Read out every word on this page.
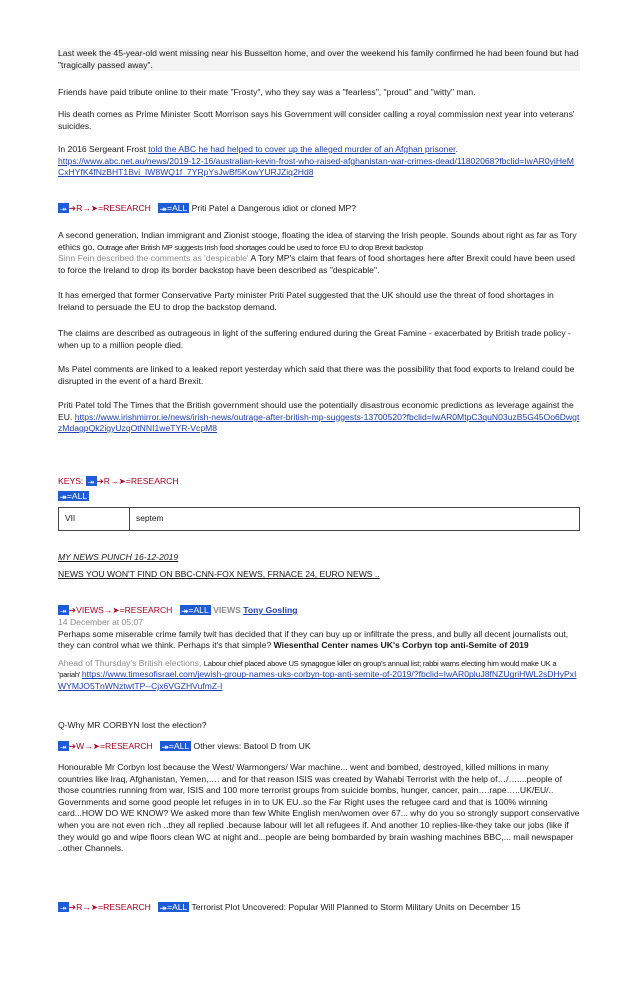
Last week the 45-year-old went missing near his Busselton home, and over the weekend his family confirmed he had been found but had "tragically passed away".

Friends have paid tribute online to their mate "Frosty", who they say was a "fearless", "proud" and "witty" man.

His death comes as Prime Minister Scott Morrison says his Government will consider calling a royal commission next year into veterans' suicides.

In 2016 Sergeant Frost told the ABC he had helped to cover up the alleged murder of an Afghan prisoner.
https://www.abc.net.au/news/2019-12-16/australian-kevin-frost-who-raised-afghanistan-war-crimes-dead/11802068?fbclid=IwAR0yiHeMCxHYfK4fNzBHT1Bvi_IW8WQ1f_7YRpYsJwBf5KowYURJZiq2Hd8

⯮ ➔R→➤=RESEARCH ⯮=ALL Priti Patel a Dangerous idiot or cloned MP?

A second generation, Indian immigrant and Zionist stooge, floating the idea of starving the Irish people. Sounds about right as far as Tory ethics go. Outrage after British MP suggests Irish food shortages could be used to force EU to drop Brexit backstop
Sinn Fein described the comments as 'despicable' A Tory MP's claim that fears of food shortages here after Brexit could have been used to force the Ireland to drop its border backstop have been described as "despicable".

It has emerged that former Conservative Party minister Priti Patel suggested that the UK should use the threat of food shortages in Ireland to persuade the EU to drop the backstop demand.

The claims are described as outrageous in light of the suffering endured during the Great Famine - exacerbated by British trade policy - when up to a million people died.

Ms Patel comments are linked to a leaked report yesterday which said that there was the possibility that food exports to Ireland could be disrupted in the event of a hard Brexit.

Priti Patel told The Times that the British government should use the potentially disastrous economic predictions as leverage against the EU. https://www.irishmirror.ie/news/irish-news/outrage-after-british-mp-suggests-13700520?fbclid=IwAR0MtpC3quN03uzB5G45Oo6DwgtzMdagpQk2igyUzqOtNNI1weTYR-VcpM8

KEYS: ⯮ ➔R→➤=RESEARCH
⯮=ALL
VII	septem

MY NEWS PUNCH 16-12-2019

NEWS YOU WON'T FIND ON BBC-CNN-FOX NEWS, FRNACE 24, EURO NEWS ..

⯮ ➔VIEWS→➤=RESEARCH ⯮=ALL VIEWS Tony Gosling

14 December at 05:07

Perhaps some miserable crime family twit has decided that if they can buy up or infiltrate the press, and bully all decent journalists out, they can control what we think. Perhaps it's that simple? Wiesenthal Center names UK's Corbyn top anti-Semite of 2019

Ahead of Thursday's British elections, Labour chief placed above US synagogue killer on group's annual list; rabbi warns electing him would make UK a 'pariah' https://www.timesofisrael.com/jewish-group-names-uks-corbyn-top-anti-semite-of-2019/?fbclid=IwAR0pluJ8fNZUgriHWL2sDHyPxIWYMJO5TnWNztwtTP--Cjx6VGZHVufmZ-I

Q-Why MR CORBYN lost the election?

⯮ ➔W→➤=RESEARCH ⯮=ALL Other views: Batool D from UK

Honourable Mr Corbyn lost because the West/ Warmongers/ War machine... went and bombed, destroyed, killed millions in many countries like Iraq, Afghanistan, Yemen,…. and for that reason ISIS was created by Wahabi Terrorist with the help of…/…....people of those countries running from war, ISIS and 100 more terrorist groups from suicide bombs, hunger, cancer, pain….rape…..UK/EU/.. Governments and some good people let refuges in in to UK EU..so the Far Right uses the refugee card and that is 100% winning card...HOW DO WE KNOW? We asked more than few White English men/women over 67... why do you so strongly support conservative when you are not even rich ..they all replied .because labour will let all refugees if. And another 10 replies-like-they take our jobs (like if they would go and wipe floors clean WC at night and...people are being bombarded by brain washing machines BBC,... mail newspaper ..other Channels.

⯮ ➔R→➤=RESEARCH ⯮=ALL Terrorist Plot Uncovered: Popular Will Planned to Storm Military Units on December 15
